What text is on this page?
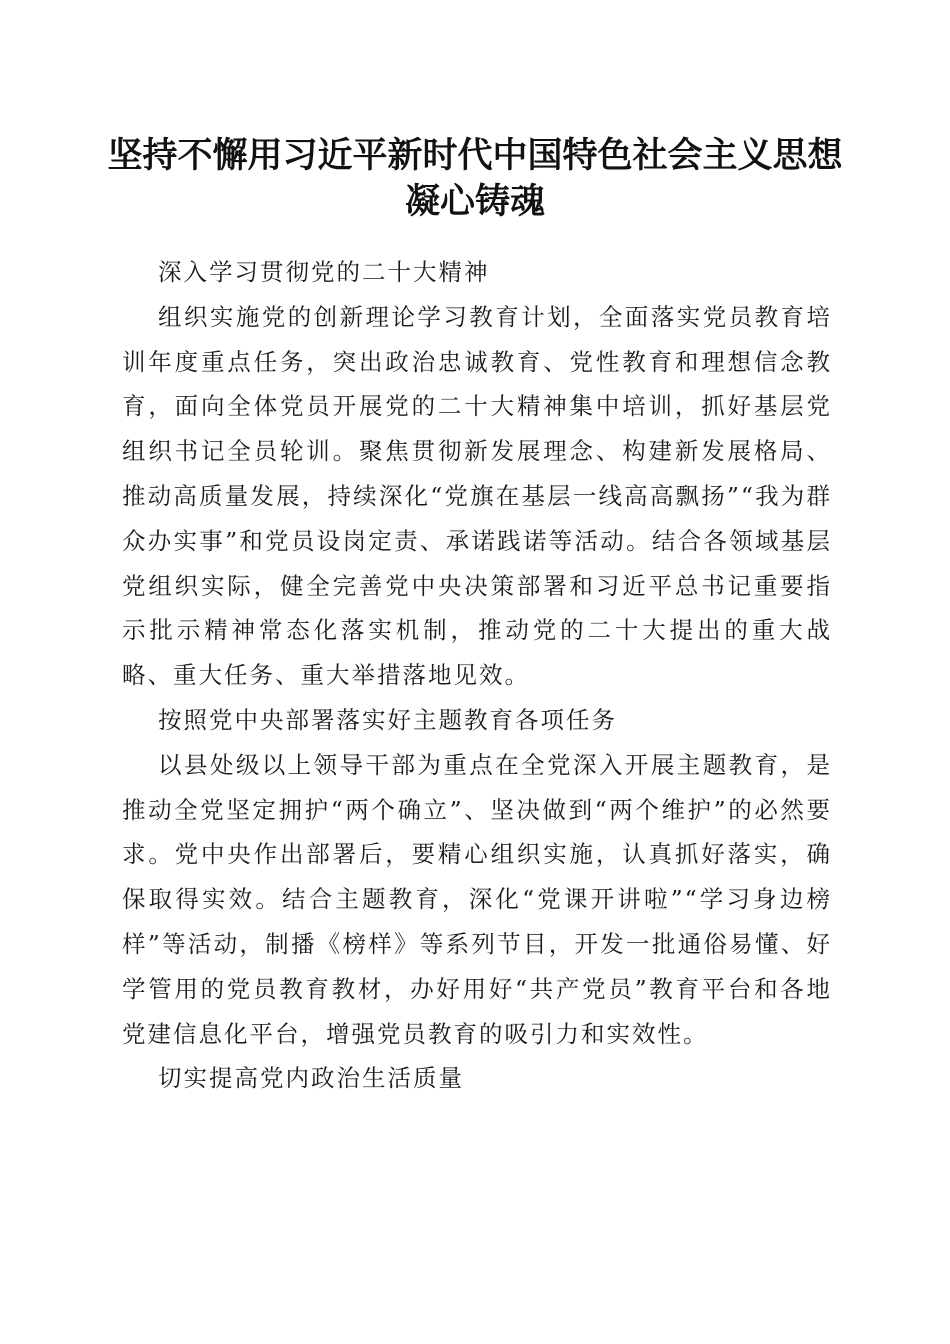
坚持不懈用习近平新时代中国特色社会主义思想凝心铸魂

深入学习贯彻党的二十大精神

组织实施党的创新理论学习教育计划，全面落实党员教育培训年度重点任务，突出政治忠诚教育、党性教育和理想信念教育，面向全体党员开展党的二十大精神集中培训，抓好基层党组织书记全员轮训。聚焦贯彻新发展理念、构建新发展格局、推动高质量发展，持续深化“党旗在基层一线高高飘扬”“我为群众办实事”和党员设岗定责、承诺践诺等活动。结合各领域基层党组织实际，健全完善党中央决策部署和习近平总书记重要指示批示精神常态化落实机制，推动党的二十大提出的重大战略、重大任务、重大举措落地见效。

按照党中央部署落实好主题教育各项任务

以县处级以上领导干部为重点在全党深入开展主题教育，是推动全党坚定拥护“两个确立”、坚决做到“两个维护”的必然要求。党中央作出部署后，要精心组织实施，认真抓好落实，确保取得实效。结合主题教育，深化“党课开讲啦”“学习身边榜样”等活动，制播《榜样》等系列节目，开发一批通俗易懂、好学管用的党员教育教材，办好用好“共产党员”教育平台和各地党建信息化平台，增强党员教育的吸引力和实效性。

切实提高党内政治生活质量
